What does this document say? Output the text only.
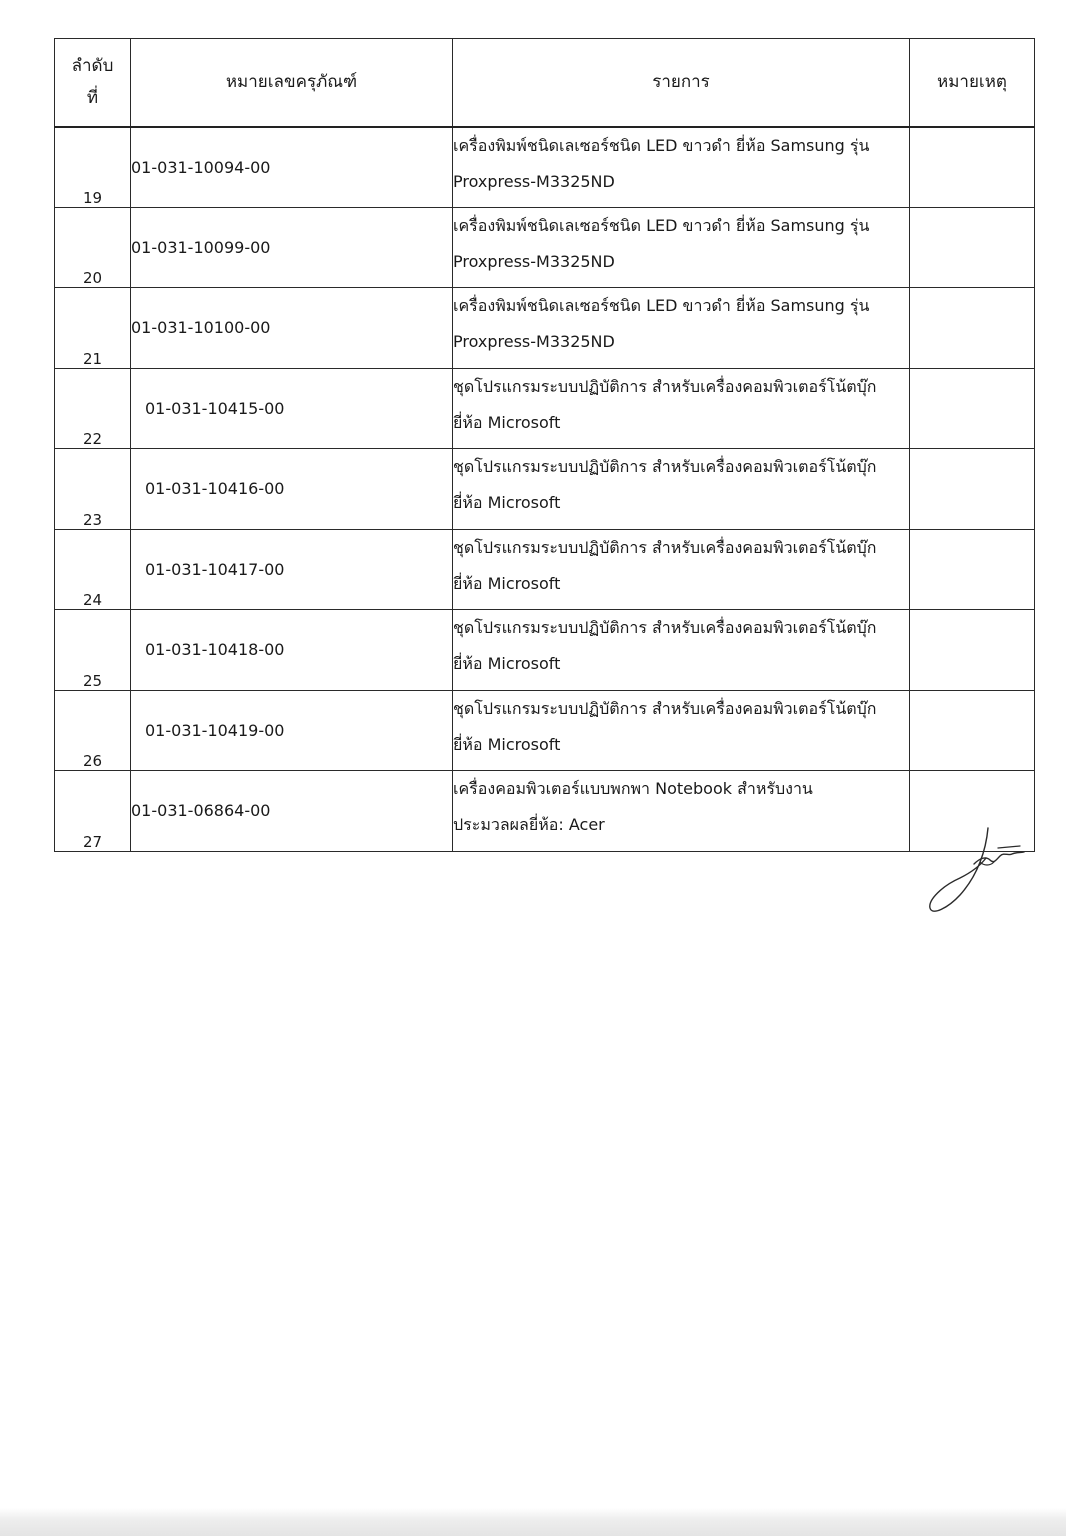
ลำดับ
ที่	หมายเลขครุภัณฑ์	รายการ	หมายเหตุ
19	01-031-10094-00	เครื่องพิมพ์ชนิดเลเซอร์ชนิด LED ขาวดำ ยี่ห้อ Samsung รุ่น
Proxpress-M3325ND	

20	01-031-10099-00	เครื่องพิมพ์ชนิดเลเซอร์ชนิด LED ขาวดำ ยี่ห้อ Samsung รุ่น
Proxpress-M3325ND	

21	01-031-10100-00	เครื่องพิมพ์ชนิดเลเซอร์ชนิด LED ขาวดำ ยี่ห้อ Samsung รุ่น
Proxpress-M3325ND	

22	01-031-10415-00	ชุดโปรแกรมระบบปฏิบัติการ สำหรับเครื่องคอมพิวเตอร์โน้ตบุ๊ก
ยี่ห้อ Microsoft	

23	01-031-10416-00	ชุดโปรแกรมระบบปฏิบัติการ สำหรับเครื่องคอมพิวเตอร์โน้ตบุ๊ก
ยี่ห้อ Microsoft	

24	01-031-10417-00	ชุดโปรแกรมระบบปฏิบัติการ สำหรับเครื่องคอมพิวเตอร์โน้ตบุ๊ก
ยี่ห้อ Microsoft	

25	01-031-10418-00	ชุดโปรแกรมระบบปฏิบัติการ สำหรับเครื่องคอมพิวเตอร์โน้ตบุ๊ก
ยี่ห้อ Microsoft	

26	01-031-10419-00	ชุดโปรแกรมระบบปฏิบัติการ สำหรับเครื่องคอมพิวเตอร์โน้ตบุ๊ก
ยี่ห้อ Microsoft	

27	01-031-06864-00	เครื่องคอมพิวเตอร์แบบพกพา Notebook สำหรับงาน
ประมวลผลยี่ห้อ: Acer	
